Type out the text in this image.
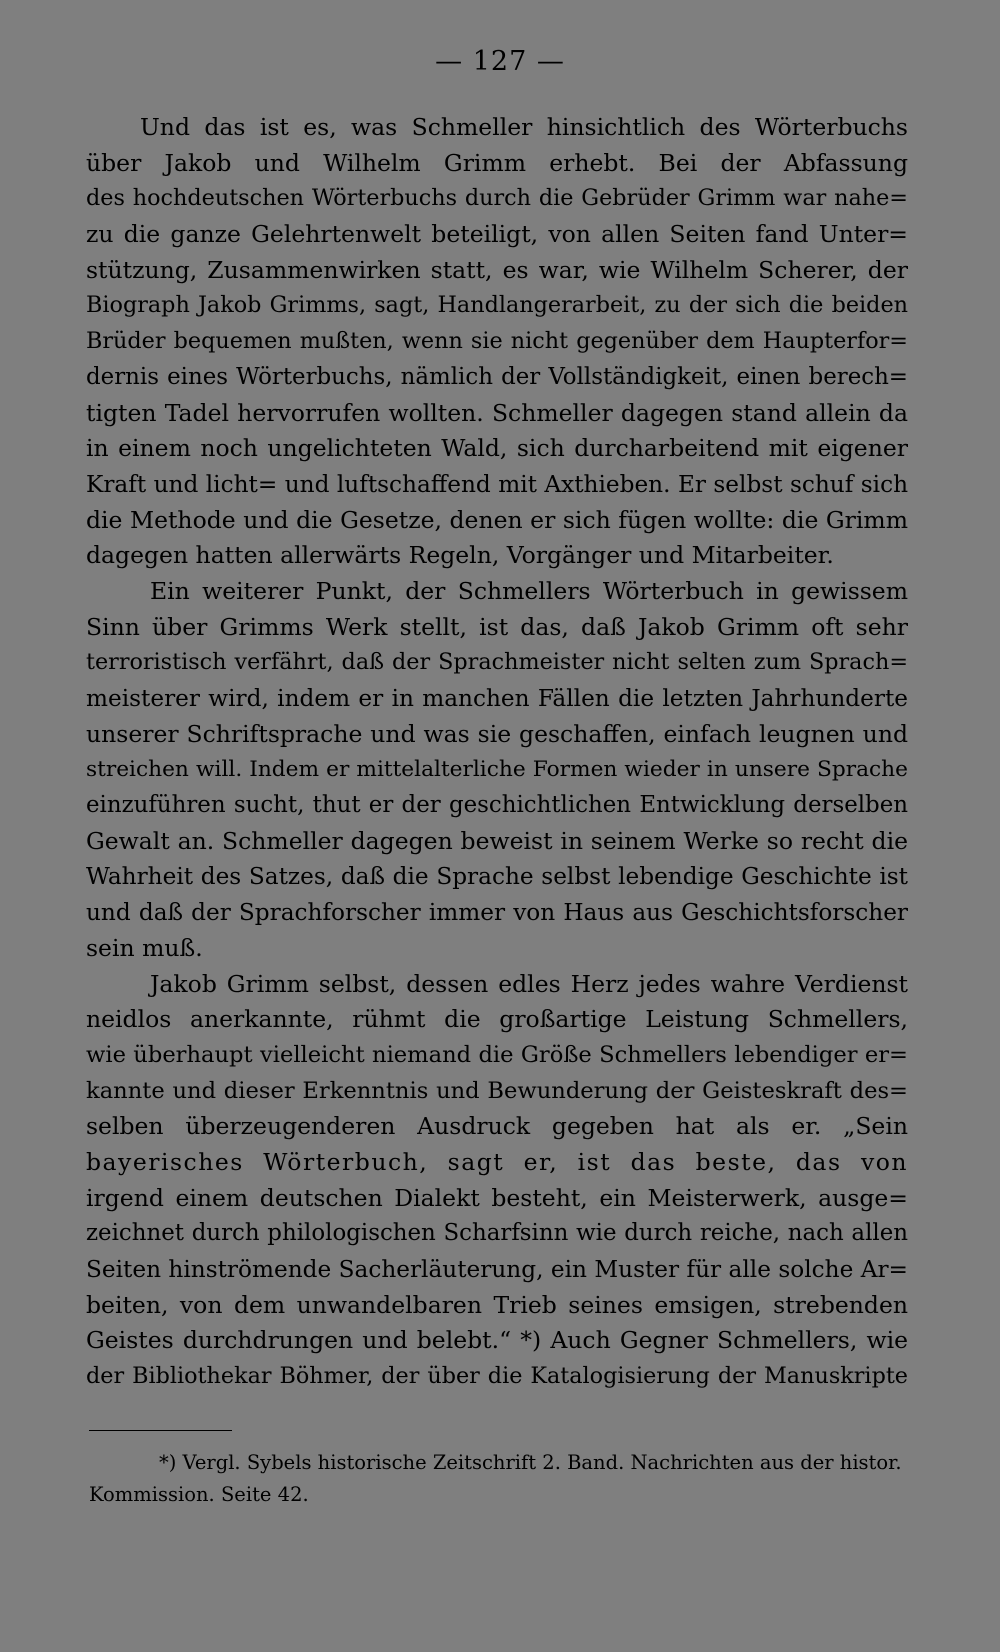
— 127 —
Und das ist es, was Schmeller hinsichtlich des Wörterbuchs
über Jakob und Wilhelm Grimm erhebt. Bei der Abfassung
des hochdeutschen Wörterbuchs durch die Gebrüder Grimm war nahe=
zu die ganze Gelehrtenwelt beteiligt, von allen Seiten fand Unter=
stützung, Zusammenwirken statt, es war, wie Wilhelm Scherer, der
Biograph Jakob Grimms, sagt, Handlangerarbeit, zu der sich die beiden
Brüder bequemen mußten, wenn sie nicht gegenüber dem Haupterfor=
dernis eines Wörterbuchs, nämlich der Vollständigkeit, einen berech=
tigten Tadel hervorrufen wollten. Schmeller dagegen stand allein da
in einem noch ungelichteten Wald, sich durcharbeitend mit eigener
Kraft und licht= und luftschaffend mit Axthieben. Er selbst schuf sich
die Methode und die Gesetze, denen er sich fügen wollte: die Grimm
dagegen hatten allerwärts Regeln, Vorgänger und Mitarbeiter.
Ein weiterer Punkt, der Schmellers Wörterbuch in gewissem
Sinn über Grimms Werk stellt, ist das, daß Jakob Grimm oft sehr
terroristisch verfährt, daß der Sprachmeister nicht selten zum Sprach=
meisterer wird, indem er in manchen Fällen die letzten Jahrhunderte
unserer Schriftsprache und was sie geschaffen, einfach leugnen und
streichen will. Indem er mittelalterliche Formen wieder in unsere Sprache
einzuführen sucht, thut er der geschichtlichen Entwicklung derselben
Gewalt an. Schmeller dagegen beweist in seinem Werke so recht die
Wahrheit des Satzes, daß die Sprache selbst lebendige Geschichte ist
und daß der Sprachforscher immer von Haus aus Geschichtsforscher
sein muß.
Jakob Grimm selbst, dessen edles Herz jedes wahre Verdienst
neidlos anerkannte, rühmt die großartige Leistung Schmellers,
wie überhaupt vielleicht niemand die Größe Schmellers lebendiger er=
kannte und dieser Erkenntnis und Bewunderung der Geisteskraft des=
selben überzeugenderen Ausdruck gegeben hat als er. „Sein
bayerisches Wörterbuch, sagt er, ist das beste, das von
irgend einem deutschen Dialekt besteht, ein Meisterwerk, ausge=
zeichnet durch philologischen Scharfsinn wie durch reiche, nach allen
Seiten hinströmende Sacherläuterung, ein Muster für alle solche Ar=
beiten, von dem unwandelbaren Trieb seines emsigen, strebenden
Geistes durchdrungen und belebt.“ *) Auch Gegner Schmellers, wie
der Bibliothekar Böhmer, der über die Katalogisierung der Manuskripte
*) Vergl. Sybels historische Zeitschrift 2. Band. Nachrichten aus der histor.
Kommission. Seite 42.
